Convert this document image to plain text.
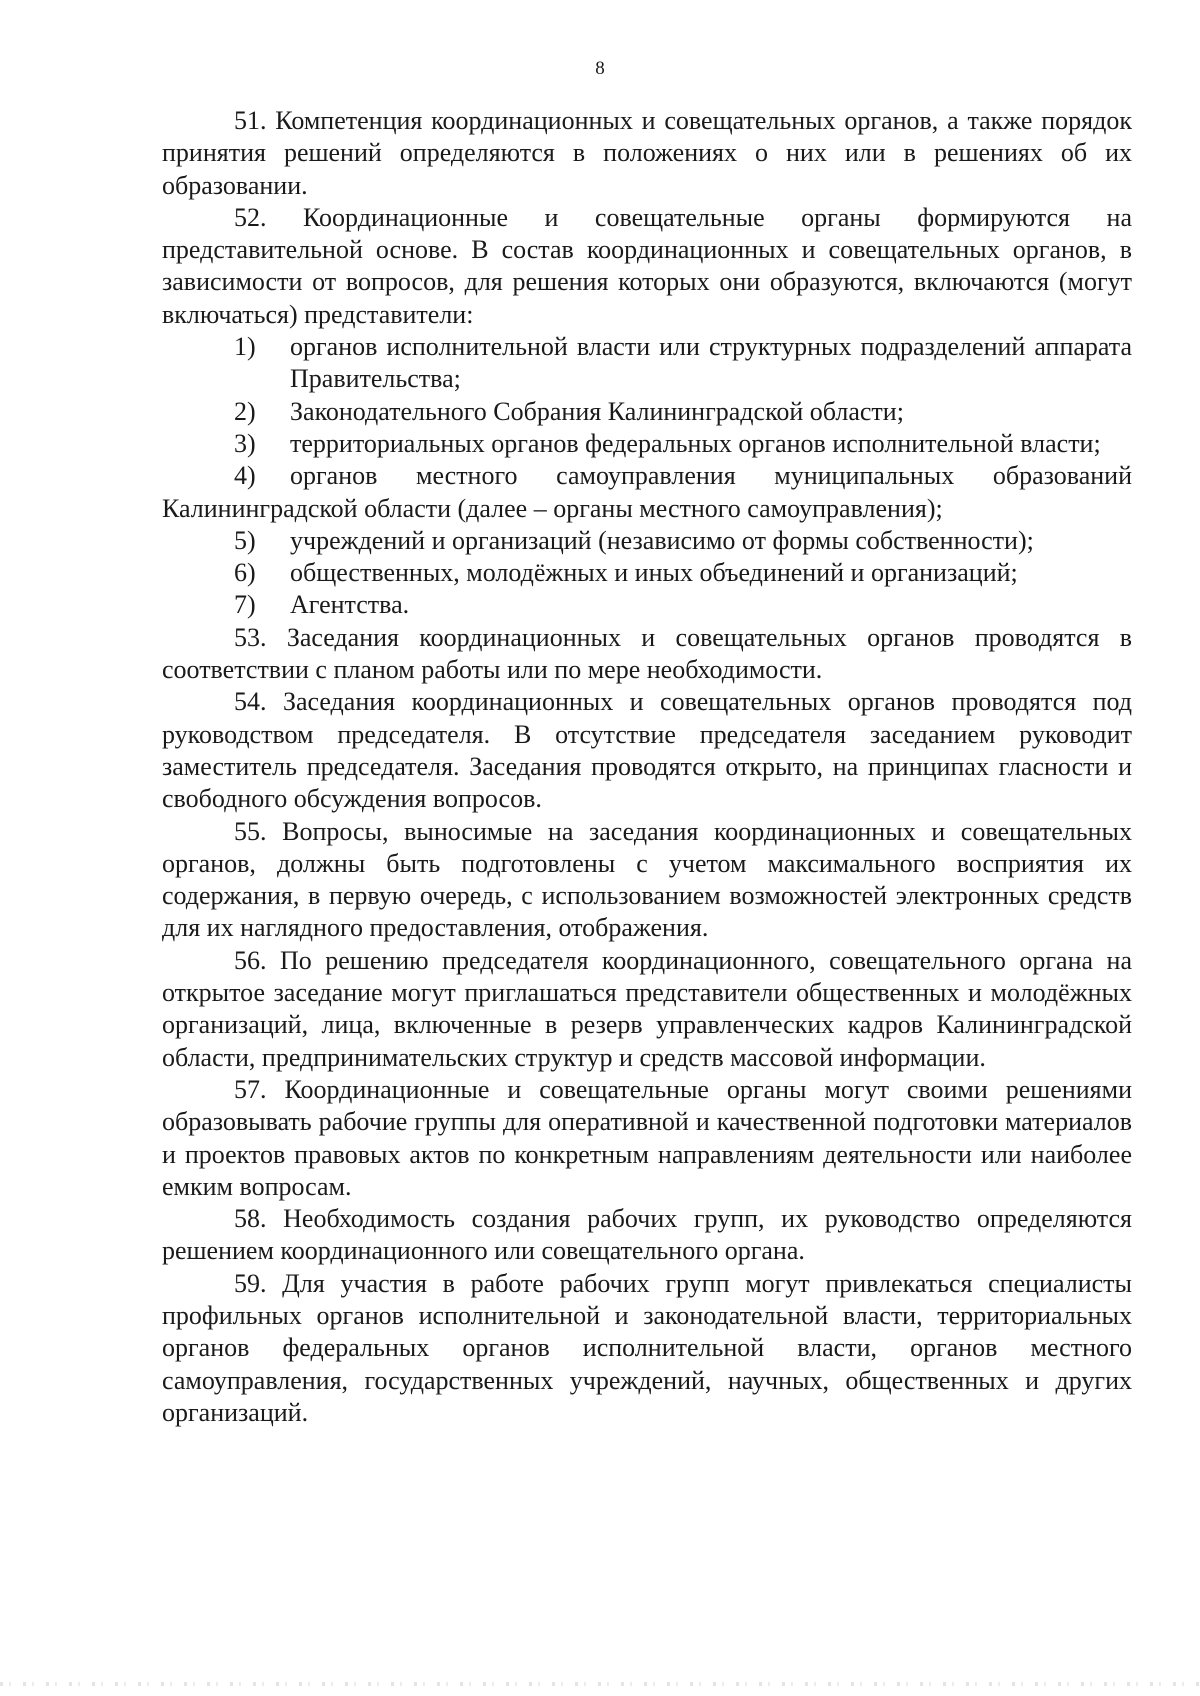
8

51. Компетенция координационных и совещательных органов, а также порядок принятия решений определяются в положениях о них или в решениях об их образовании.

52. Координационные и совещательные органы формируются на представительной основе. В состав координационных и совещательных органов, в зависимости от вопросов, для решения которых они образуются, включаются (могут включаться) представители:

1) органов исполнительной власти или структурных подразделений аппарата Правительства;

2) Законодательного Собрания Калининградской области;

3) территориальных органов федеральных органов исполнительной власти;

4) органов местного самоуправления муниципальных образований Калининградской области (далее – органы местного самоуправления);

5) учреждений и организаций (независимо от формы собственности);

6) общественных, молодёжных и иных объединений и организаций;

7) Агентства.

53. Заседания координационных и совещательных органов проводятся в соответствии с планом работы или по мере необходимости.

54. Заседания координационных и совещательных органов проводятся под руководством председателя. В отсутствие председателя заседанием руководит заместитель председателя. Заседания проводятся открыто, на принципах гласности и свободного обсуждения вопросов.

55. Вопросы, выносимые на заседания координационных и совещательных органов, должны быть подготовлены с учетом максимального восприятия их содержания, в первую очередь, с использованием возможностей электронных средств для их наглядного предоставления, отображения.

56. По решению председателя координационного, совещательного органа на открытое заседание могут приглашаться представители общественных и молодёжных организаций, лица, включенные в резерв управленческих кадров Калининградской области, предпринимательских структур и средств массовой информации.

57. Координационные и совещательные органы могут своими решениями образовывать рабочие группы для оперативной и качественной подготовки материалов и проектов правовых актов по конкретным направлениям деятельности или наиболее емким вопросам.

58. Необходимость создания рабочих групп, их руководство определяются решением координационного или совещательного органа.

59. Для участия в работе рабочих групп могут привлекаться специалисты профильных органов исполнительной и законодательной власти, территориальных органов федеральных органов исполнительной власти, органов местного самоуправления, государственных учреждений, научных, общественных и других организаций.
